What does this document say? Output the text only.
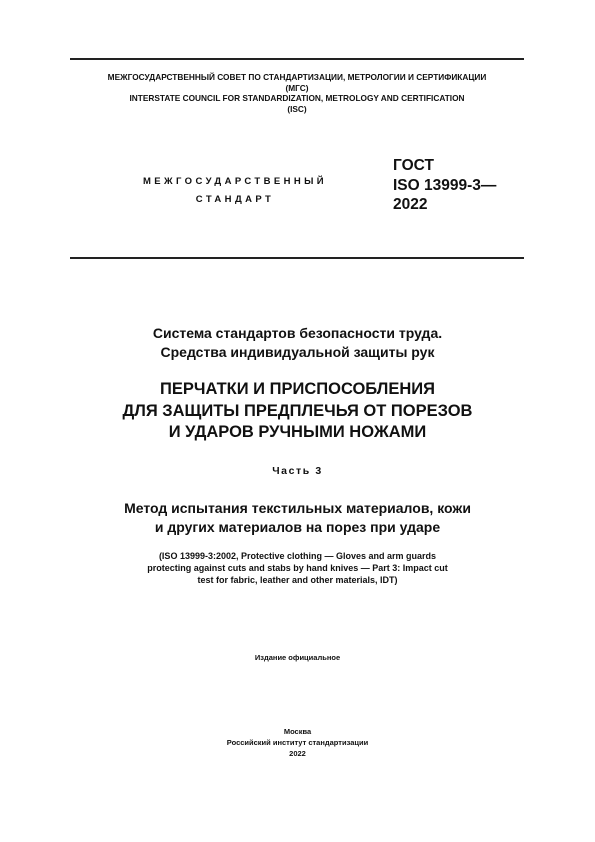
МЕЖГОСУДАРСТВЕННЫЙ СОВЕТ ПО СТАНДАРТИЗАЦИИ, МЕТРОЛОГИИ И СЕРТИФИКАЦИИ
(МГС)
INTERSTATE COUNCIL FOR STANDARDIZATION, METROLOGY AND CERTIFICATION
(ISC)
МЕЖГОСУДАРСТВЕННЫЙ
СТАНДАРТ
ГОСТ
ISO 13999-3—
2022
Система стандартов безопасности труда.
Средства индивидуальной защиты рук
ПЕРЧАТКИ И ПРИСПОСОБЛЕНИЯ
ДЛЯ ЗАЩИТЫ ПРЕДПЛЕЧЬЯ ОТ ПОРЕЗОВ
И УДАРОВ РУЧНЫМИ НОЖАМИ
Часть 3
Метод испытания текстильных материалов, кожи
и других материалов на порез при ударе
(ISO 13999-3:2002, Protective clothing — Gloves and arm guards
protecting against cuts and stabs by hand knives — Part 3: Impact cut
test for fabric, leather and other materials, IDT)
Издание официальное
Москва
Российский институт стандартизации
2022
